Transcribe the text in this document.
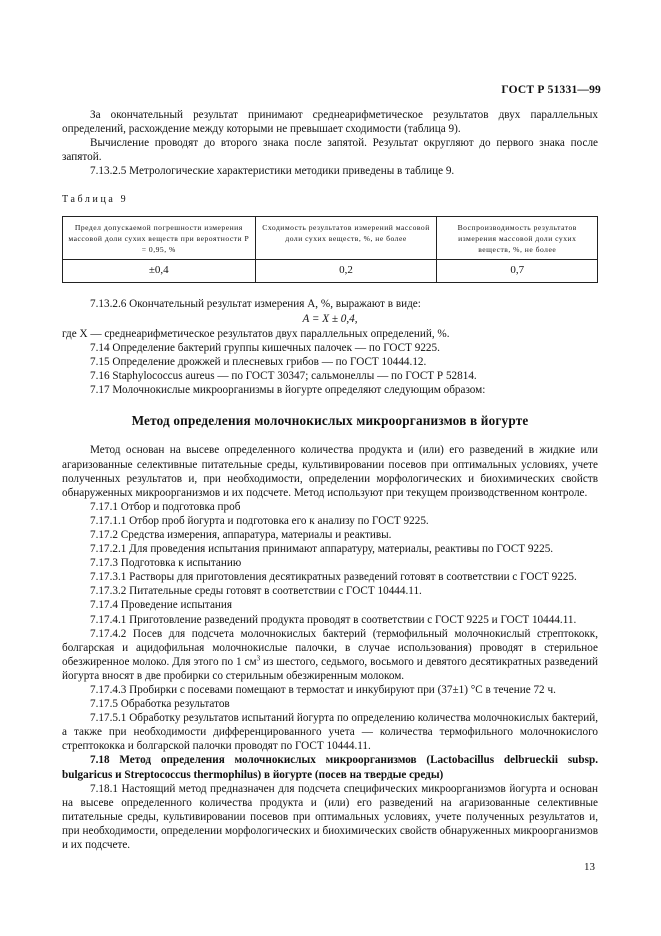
ГОСТ Р 51331—99

За окончательный результат принимают среднеарифметическое результатов двух параллельных определений, расхождение между которыми не превышает сходимости (таблица 9).

Вычисление проводят до второго знака после запятой. Результат округляют до первого знака после запятой.

7.13.2.5 Метрологические характеристики методики приведены в таблице 9.

Таблица 9
Предел допускаемой погрешности измерения массовой доли сухих веществ при вероятности P = 0,95, %	Сходимость результатов измерений массовой доли сухих веществ, %, не более	Воспроизводимость результатов измерения массовой доли сухих веществ, %, не более
±0,4	0,2	0,7

7.13.2.6 Окончательный результат измерения A, %, выражают в виде:

A = X ± 0,4,

где X — среднеарифметическое результатов двух параллельных определений, %.

7.14 Определение бактерий группы кишечных палочек — по ГОСТ 9225.

7.15 Определение дрожжей и плесневых грибов — по ГОСТ 10444.12.

7.16 Staphylococcus aureus — по ГОСТ 30347; сальмонеллы — по ГОСТ Р 52814.

7.17 Молочнокислые микроорганизмы в йогурте определяют следующим образом:

Метод определения молочнокислых микроорганизмов в йогурте

Метод основан на высеве определенного количества продукта и (или) его разведений в жидкие или агаризованные селективные питательные среды, культивировании посевов при оптимальных условиях, учете полученных результатов и, при необходимости, определении морфологических и биохимических свойств обнаруженных микроорганизмов и их подсчете. Метод используют при текущем производственном контроле.

7.17.1 Отбор и подготовка проб

7.17.1.1 Отбор проб йогурта и подготовка его к анализу по ГОСТ 9225.

7.17.2 Средства измерения, аппаратура, материалы и реактивы.

7.17.2.1 Для проведения испытания принимают аппаратуру, материалы, реактивы по ГОСТ 9225.

7.17.3 Подготовка к испытанию

7.17.3.1 Растворы для приготовления десятикратных разведений готовят в соответствии с ГОСТ 9225.

7.17.3.2 Питательные среды готовят в соответствии с ГОСТ 10444.11.

7.17.4 Проведение испытания

7.17.4.1 Приготовление разведений продукта проводят в соответствии с ГОСТ 9225 и ГОСТ 10444.11.

7.17.4.2 Посев для подсчета молочнокислых бактерий (термофильный молочнокислый стрептококк, болгарская и ацидофильная молочнокислые палочки, в случае использования) проводят в стерильное обезжиренное молоко. Для этого по 1 $см^3$ из шестого, седьмого, восьмого и девятого десятикратных разведений йогурта вносят в две пробирки со стерильным обезжиренным молоком.

7.17.4.3 Пробирки с посевами помещают в термостат и инкубируют при (37±1) °С в течение 72 ч.

7.17.5 Обработка результатов

7.17.5.1 Обработку результатов испытаний йогурта по определению количества молочнокислых бактерий, а также при необходимости дифференцированного учета — количества термофильного молочнокислого стрептококка и болгарской палочки проводят по ГОСТ 10444.11.

7.18 Метод определения молочнокислых микроорганизмов (Lactobacillus delbrueckii subsp. bulgaricus и Streptococcus thermophilus) в йогурте (посев на твердые среды)

7.18.1 Настоящий метод предназначен для подсчета специфических микроорганизмов йогурта и основан на высеве определенного количества продукта и (или) его разведений на агаризованные селективные питательные среды, культивировании посевов при оптимальных условиях, учете полученных результатов и, при необходимости, определении морфологических и биохимических свойств обнаруженных микроорганизмов и их подсчете.

13
